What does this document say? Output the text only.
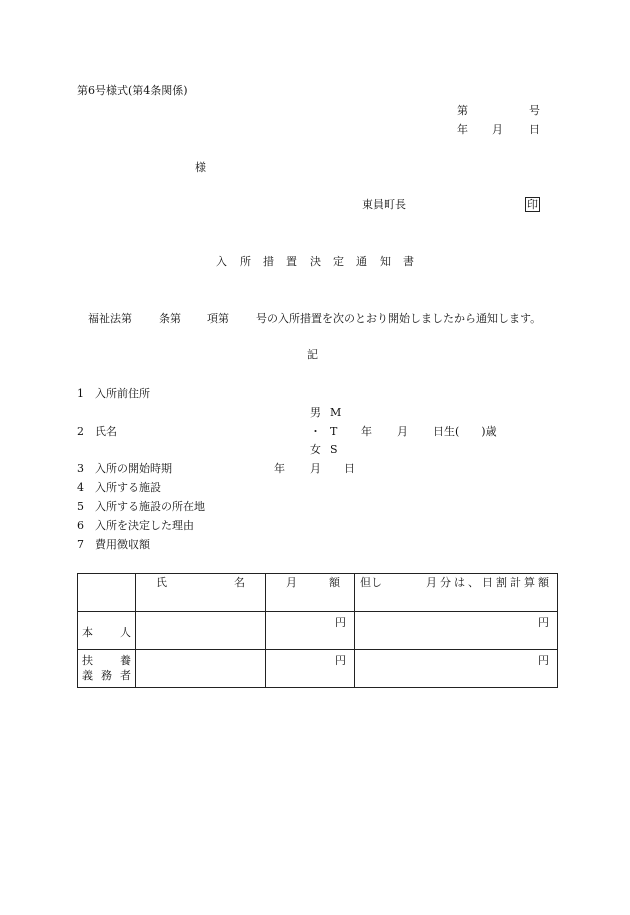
第6号様式(第4条関係)
第	号
年 月 日
様
東員町長	印
入 所 措 置 決 定 通 知 書
福祉法第 条第 項第 号の入所措置を次のとおり開始しましたから通知します。
記
1　入所前住所
男 M
2　氏名	・ T 年 月 日生(　　)歳
女 S
3　入所の開始時期	年 月 日
4　入所する施設
5　入所する施設の所在地
6　入所を決定した理由
7　費用徴収額

	氏 名	月 額	但し 月分は、日割計算額

本 人		円	円

扶 養
義 務 者		円	円
